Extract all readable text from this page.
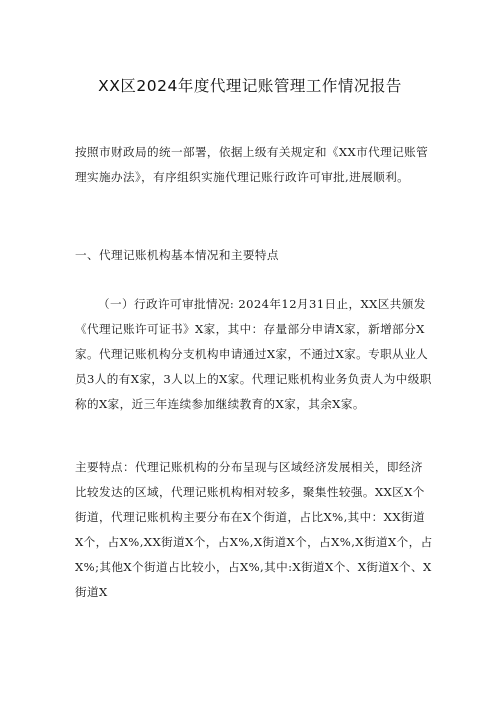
XX区2024年度代理记账管理工作情况报告

按照市财政局的统一部署，依据上级有关规定和《XX市代理记账管理实施办法》，有序组织实施代理记账行政许可审批,进展顺利。

一、代理记账机构基本情况和主要特点

（一）行政许可审批情况: 2024年12月31日止，XX区共颁发《代理记账许可证书》X家，其中：存量部分申请X家，新增部分X家。代理记账机构分支机构申请通过X家，不通过X家。专职从业人员3人的有X家，3人以上的X家。代理记账机构业务负责人为中级职称的X家，近三年连续参加继续教育的X家，其余X家。

主要特点：代理记账机构的分布呈现与区域经济发展相关，即经济比较发达的区域，代理记账机构相对较多，聚集性较强。XX区X个街道，代理记账机构主要分布在X个街道，占比X%,其中：XX街道X个，占X%,XX街道X个，占X%,X街道X个，占X%,X街道X个，占X%;其他X个街道占比较小，占X%,其中:X街道X个、X街道X个、X街道X
